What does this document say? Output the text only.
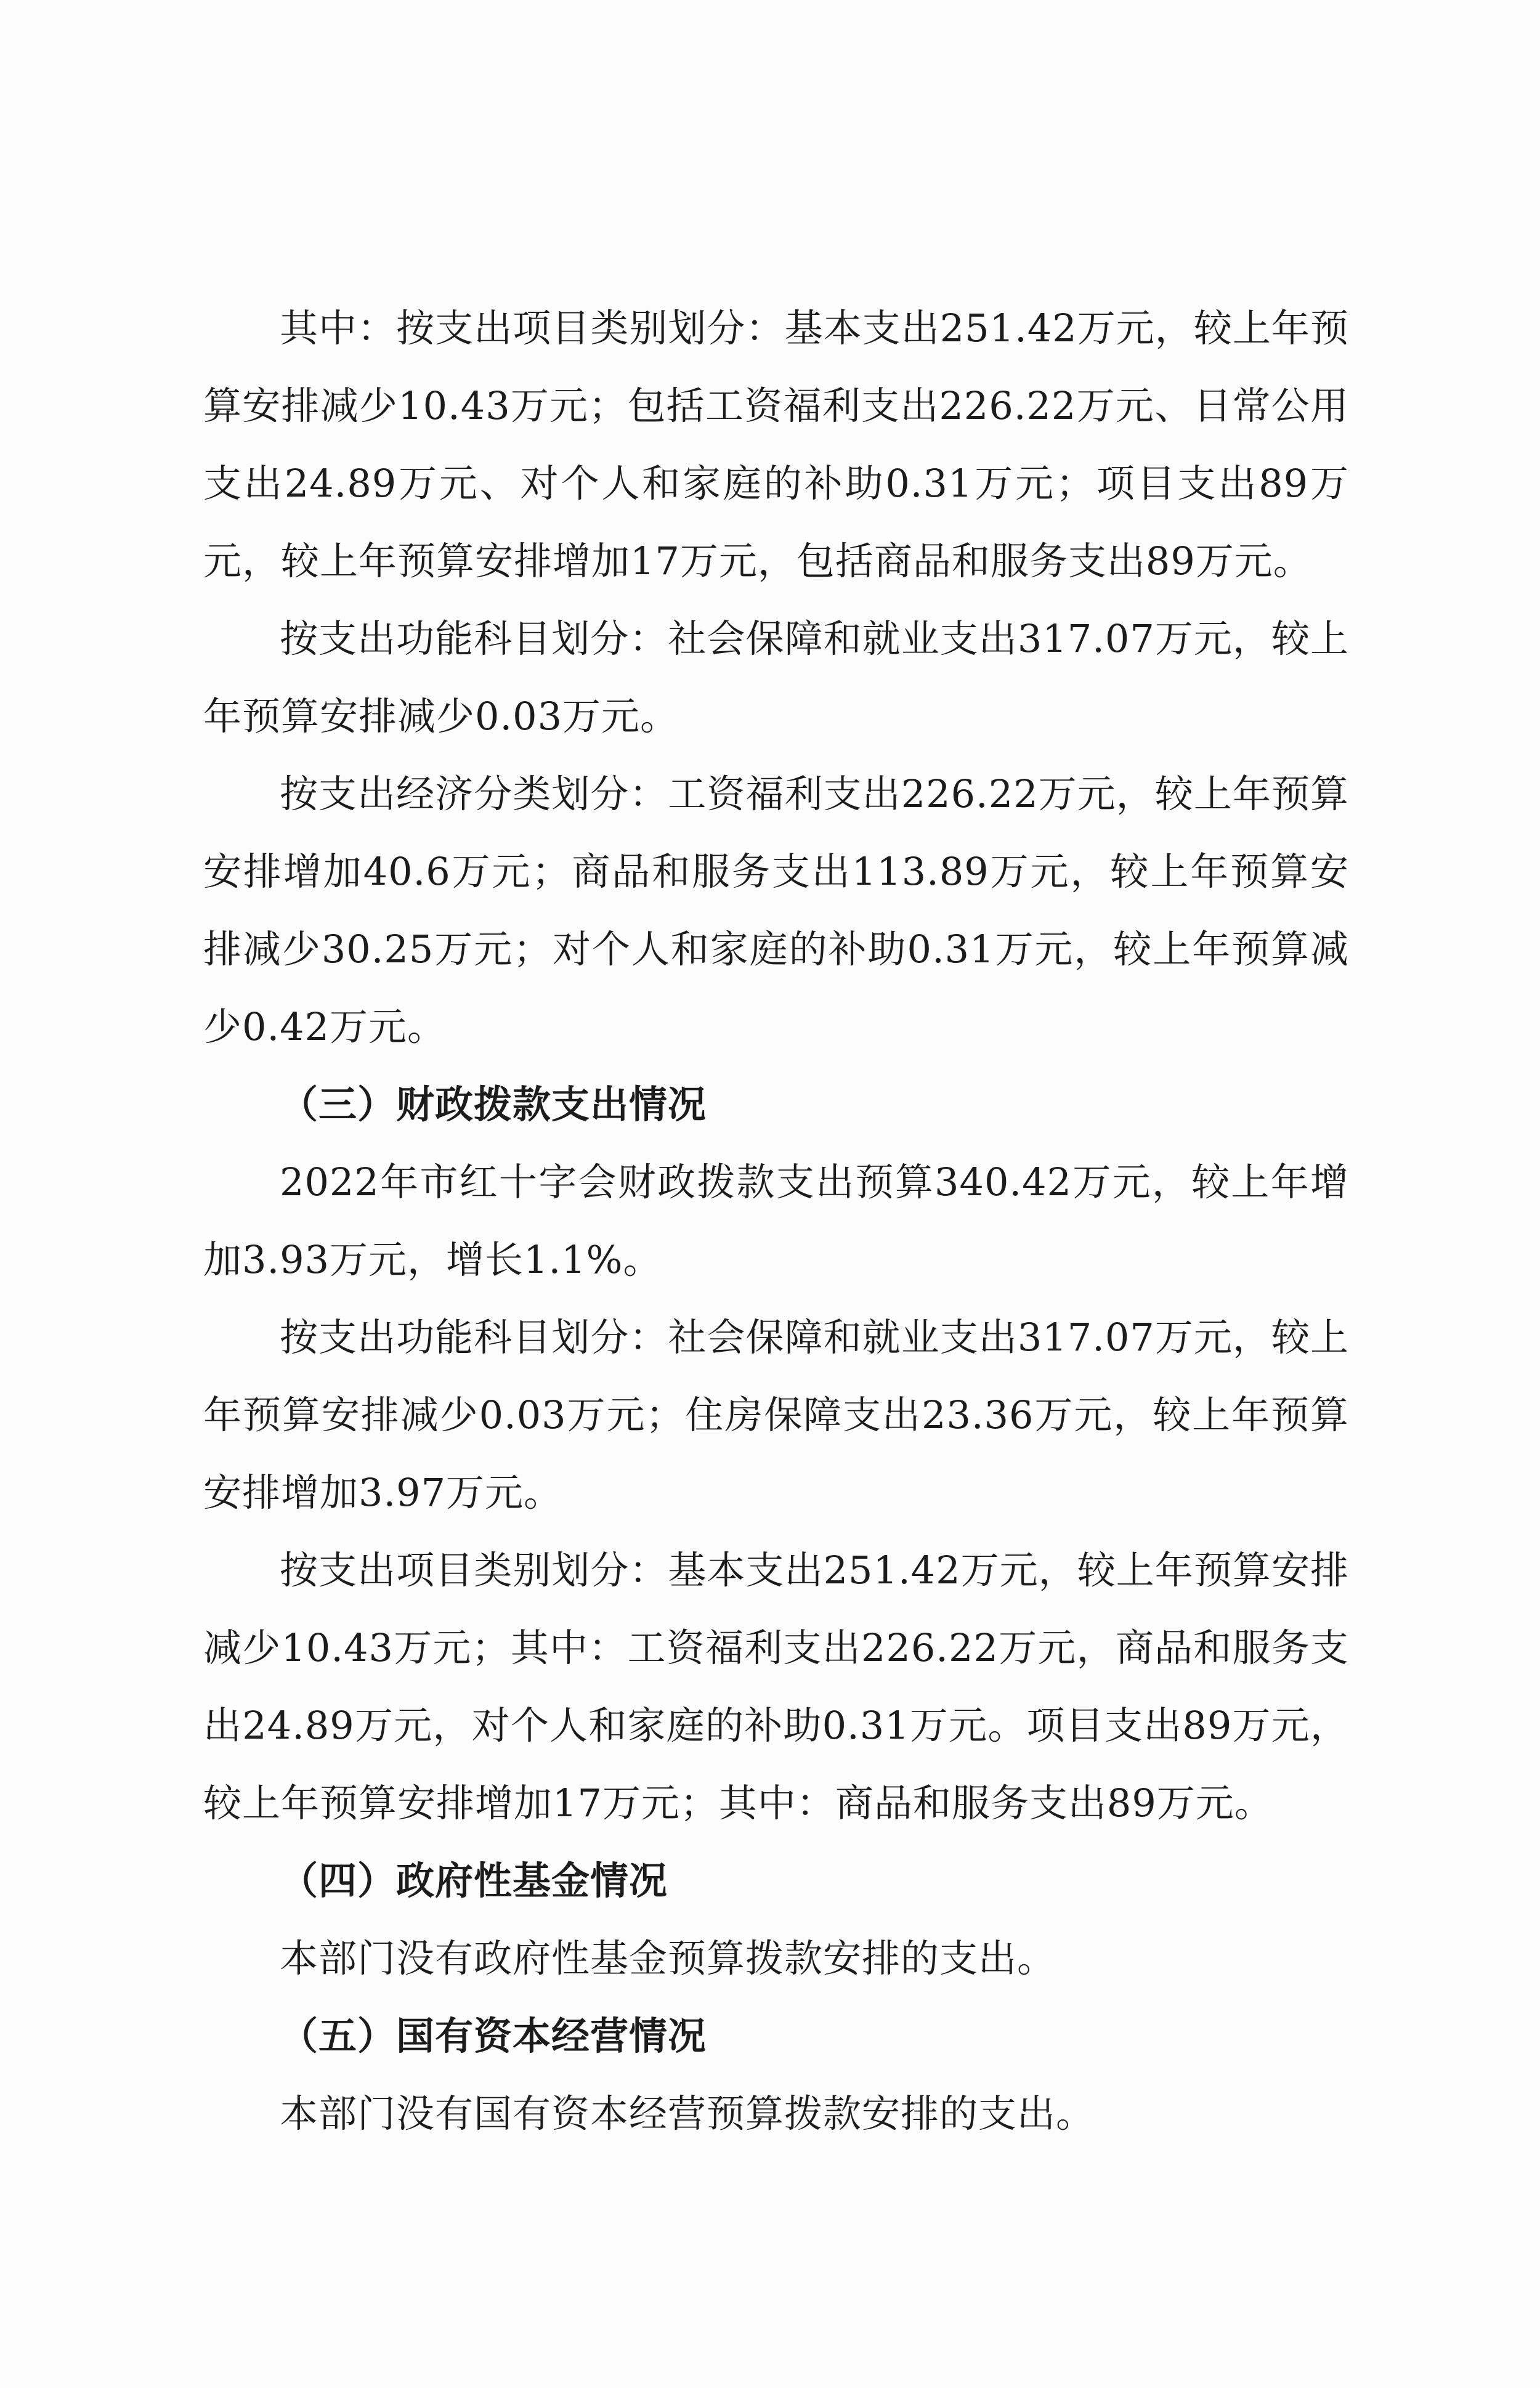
其中：按支出项目类别划分：基本支出251.42万元，较上年预算安排减少10.43万元；包括工资福利支出226.22万元、日常公用支出24.89万元、对个人和家庭的补助0.31万元；项目支出89万元，较上年预算安排增加17万元，包括商品和服务支出89万元。

按支出功能科目划分：社会保障和就业支出317.07万元，较上年预算安排减少0.03万元。

按支出经济分类划分：工资福利支出226.22万元，较上年预算安排增加40.6万元；商品和服务支出113.89万元，较上年预算安排减少30.25万元；对个人和家庭的补助0.31万元，较上年预算减少0.42万元。

（三）财政拨款支出情况

2022年市红十字会财政拨款支出预算340.42万元，较上年增加3.93万元，增长1.1%。

按支出功能科目划分：社会保障和就业支出317.07万元，较上年预算安排减少0.03万元；住房保障支出23.36万元，较上年预算安排增加3.97万元。

按支出项目类别划分：基本支出251.42万元，较上年预算安排减少10.43万元；其中：工资福利支出226.22万元，商品和服务支出24.89万元，对个人和家庭的补助0.31万元。项目支出89万元，较上年预算安排增加17万元；其中：商品和服务支出89万元。

（四）政府性基金情况

本部门没有政府性基金预算拨款安排的支出。

（五）国有资本经营情况

本部门没有国有资本经营预算拨款安排的支出。
